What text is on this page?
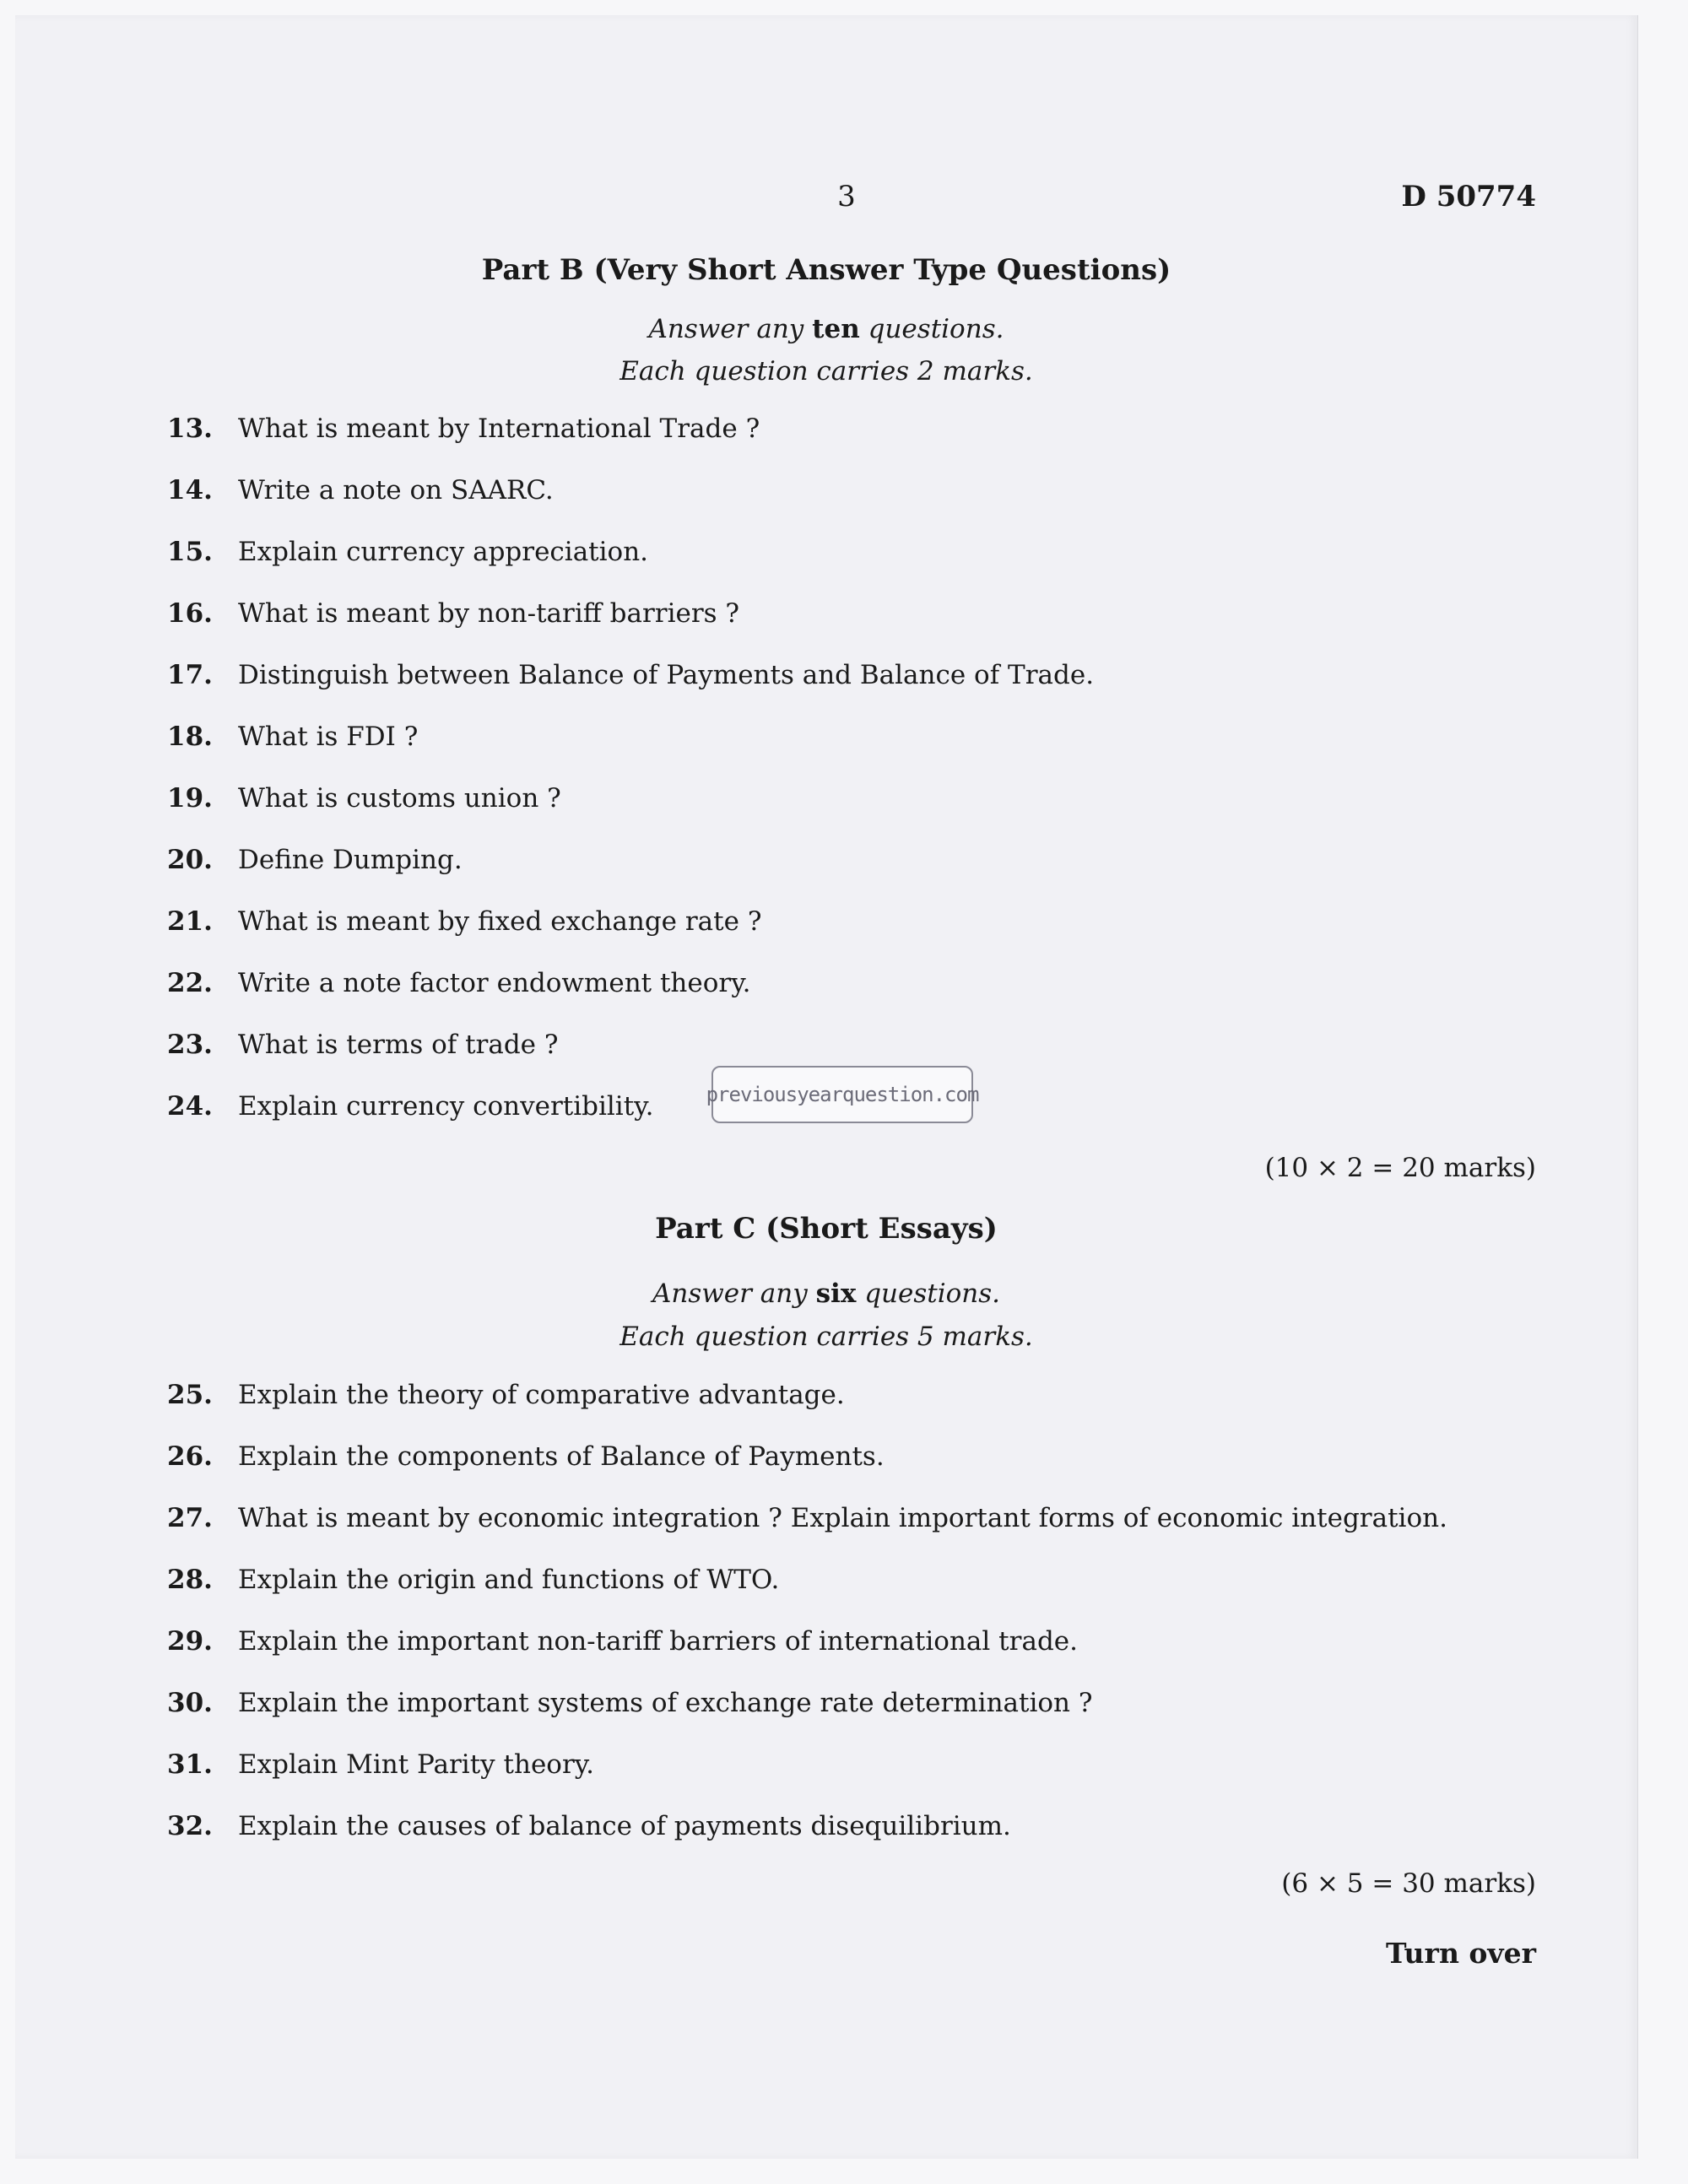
3	D 50774
Part B (Very Short Answer Type Questions)
Answer any ten questions.
Each question carries 2 marks.
13. What is meant by International Trade ?
14. Write a note on SAARC.
15. Explain currency appreciation.
16. What is meant by non-tariff barriers ?
17. Distinguish between Balance of Payments and Balance of Trade.
18. What is FDI ?
19. What is customs union ?
20. Define Dumping.
21. What is meant by fixed exchange rate ?
22. Write a note factor endowment theory.
23. What is terms of trade ?
24. Explain currency convertibility.	previousyearquestion.com
(10 × 2 = 20 marks)
Part C (Short Essays)
Answer any six questions.
Each question carries 5 marks.
25. Explain the theory of comparative advantage.
26. Explain the components of Balance of Payments.
27. What is meant by economic integration ? Explain important forms of economic integration.
28. Explain the origin and functions of WTO.
29. Explain the important non-tariff barriers of international trade.
30. Explain the important systems of exchange rate determination ?
31. Explain Mint Parity theory.
32. Explain the causes of balance of payments disequilibrium.
(6 × 5 = 30 marks)
Turn over
